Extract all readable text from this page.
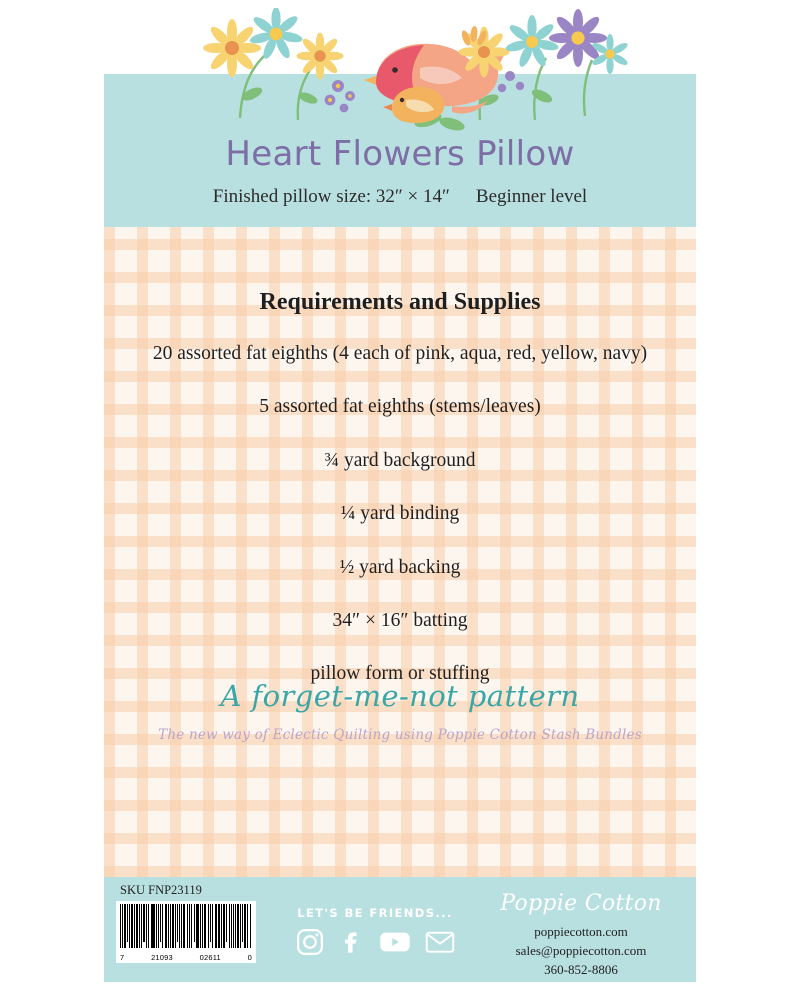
Heart Flowers Pillow
Finished pillow size: 32″ × 14″ Beginner level
Requirements and Supplies

20 assorted fat eighths (4 each of pink, aqua, red, yellow, navy)

5 assorted fat eighths (stems/leaves)

¾ yard background

¼ yard binding

½ yard backing

34″ × 16″ batting

pillow form or stuffing

A forget-me-not pattern
The new way of Eclectic Quilting using Poppie Cotton Stash Bundles
SKU FNP23119
7	21093	02611	0
LET'S BE FRIENDS...	Poppie Cotton
poppiecotton.com
sales@poppiecotton.com
360-852-8806
